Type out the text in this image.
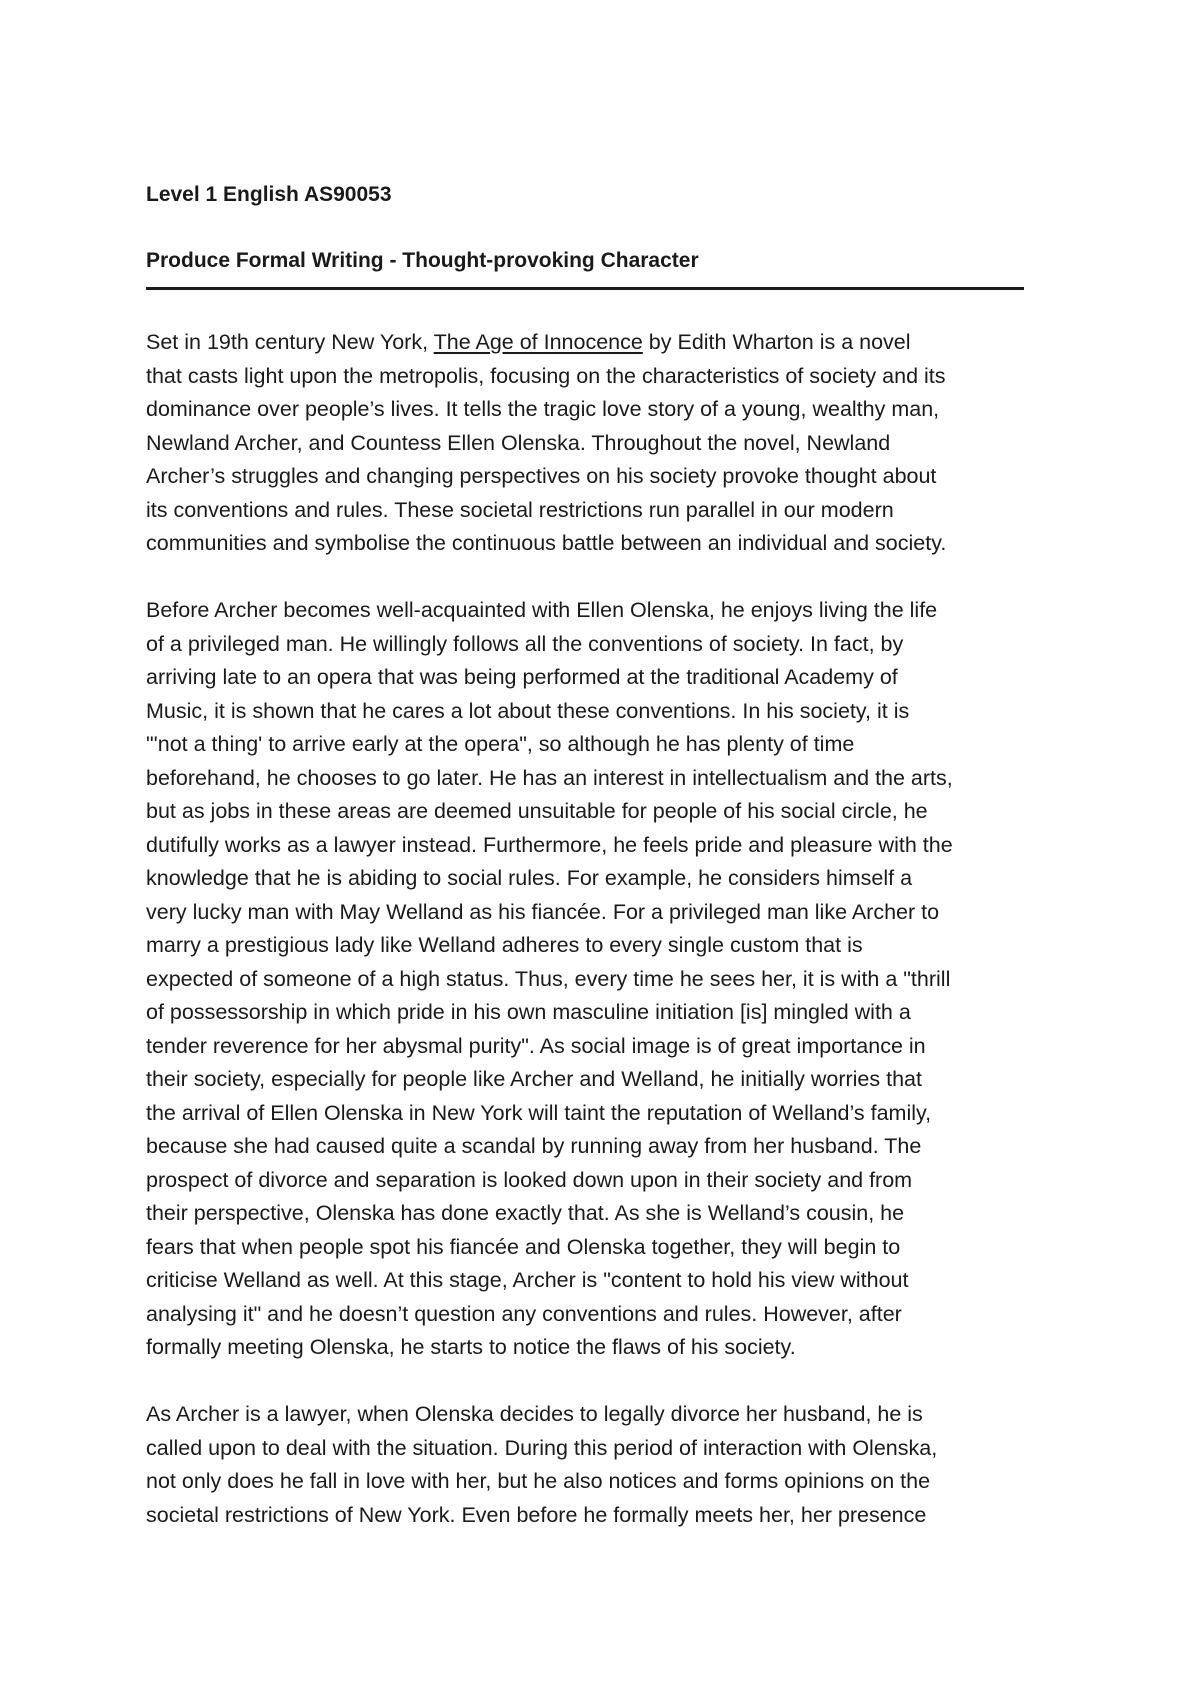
Level 1 English AS90053
Produce Formal Writing - Thought-provoking Character

Set in 19th century New York, The Age of Innocence by Edith Wharton is a novel
that casts light upon the metropolis, focusing on the characteristics of society and its
dominance over people’s lives. It tells the tragic love story of a young, wealthy man,
Newland Archer, and Countess Ellen Olenska. Throughout the novel, Newland
Archer’s struggles and changing perspectives on his society provoke thought about
its conventions and rules. These societal restrictions run parallel in our modern
communities and symbolise the continuous battle between an individual and society.

Before Archer becomes well-acquainted with Ellen Olenska, he enjoys living the life
of a privileged man. He willingly follows all the conventions of society. In fact, by
arriving late to an opera that was being performed at the traditional Academy of
Music, it is shown that he cares a lot about these conventions. In his society, it is
"'not a thing' to arrive early at the opera", so although he has plenty of time
beforehand, he chooses to go later. He has an interest in intellectualism and the arts,
but as jobs in these areas are deemed unsuitable for people of his social circle, he
dutifully works as a lawyer instead. Furthermore, he feels pride and pleasure with the
knowledge that he is abiding to social rules. For example, he considers himself a
very lucky man with May Welland as his fiancée. For a privileged man like Archer to
marry a prestigious lady like Welland adheres to every single custom that is
expected of someone of a high status. Thus, every time he sees her, it is with a "thrill
of possessorship in which pride in his own masculine initiation [is] mingled with a
tender reverence for her abysmal purity". As social image is of great importance in
their society, especially for people like Archer and Welland, he initially worries that
the arrival of Ellen Olenska in New York will taint the reputation of Welland’s family,
because she had caused quite a scandal by running away from her husband. The
prospect of divorce and separation is looked down upon in their society and from
their perspective, Olenska has done exactly that. As she is Welland’s cousin, he
fears that when people spot his fiancée and Olenska together, they will begin to
criticise Welland as well. At this stage, Archer is "content to hold his view without
analysing it" and he doesn’t question any conventions and rules. However, after
formally meeting Olenska, he starts to notice the flaws of his society.

As Archer is a lawyer, when Olenska decides to legally divorce her husband, he is
called upon to deal with the situation. During this period of interaction with Olenska,
not only does he fall in love with her, but he also notices and forms opinions on the
societal restrictions of New York. Even before he formally meets her, her presence
